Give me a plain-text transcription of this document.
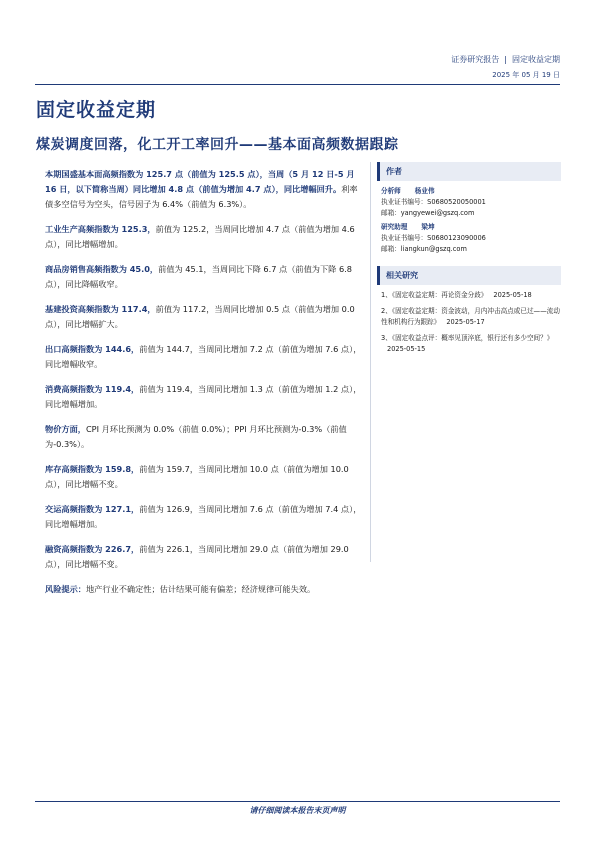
证券研究报告 | 固定收益定期
2025 年 05 月 19 日
固定收益定期
煤炭调度回落，化工开工率回升——基本面高频数据跟踪
本期国盛基本面高频指数为 125.7 点（前值为 125.5 点），当周（5 月 12 日-5 月 16 日，以下简称当周）同比增加 4.8 点（前值为增加 4.7 点），同比增幅回升。利率债多空信号为空头，信号因子为 6.4%（前值为 6.3%）。
工业生产高频指数为 125.3，前值为 125.2，当周同比增加 4.7 点（前值为增加 4.6 点），同比增幅增加。
商品房销售高频指数为 45.0，前值为 45.1，当周同比下降 6.7 点（前值为下降 6.8 点），同比降幅收窄。
基建投资高频指数为 117.4，前值为 117.2，当周同比增加 0.5 点（前值为增加 0.0 点），同比增幅扩大。
出口高频指数为 144.6，前值为 144.7，当周同比增加 7.2 点（前值为增加 7.6 点），同比增幅收窄。
消费高频指数为 119.4，前值为 119.4，当周同比增加 1.3 点（前值为增加 1.2 点），同比增幅增加。
物价方面，CPI 月环比预测为 0.0%（前值 0.0%）；PPI 月环比预测为-0.3%（前值为-0.3%）。
库存高频指数为 159.8，前值为 159.7，当周同比增加 10.0 点（前值为增加 10.0 点），同比增幅不变。
交运高频指数为 127.1，前值为 126.9，当周同比增加 7.6 点（前值为增加 7.4 点），同比增幅增加。
融资高频指数为 226.7，前值为 226.1，当周同比增加 29.0 点（前值为增加 29.0 点），同比增幅不变。
风险提示：地产行业不确定性；估计结果可能有偏差；经济规律可能失效。
作者
分析师 杨业伟
执业证书编号：S0680520050001
邮箱：yangyewei@gszq.com
研究助理 梁坤
执业证书编号：S0680123090006
邮箱：liangkun@gszq.com
相关研究
1、《固定收益定期：再论资金分歧》 2025-05-18
2、《固定收益定期：资金波动，月内冲击高点或已过——流动性和机构行为跟踪》 2025-05-17
3、《固定收益点评：概率见顶淬底，银行还有多少空间？》2025-05-15
请仔细阅读本报告末页声明
